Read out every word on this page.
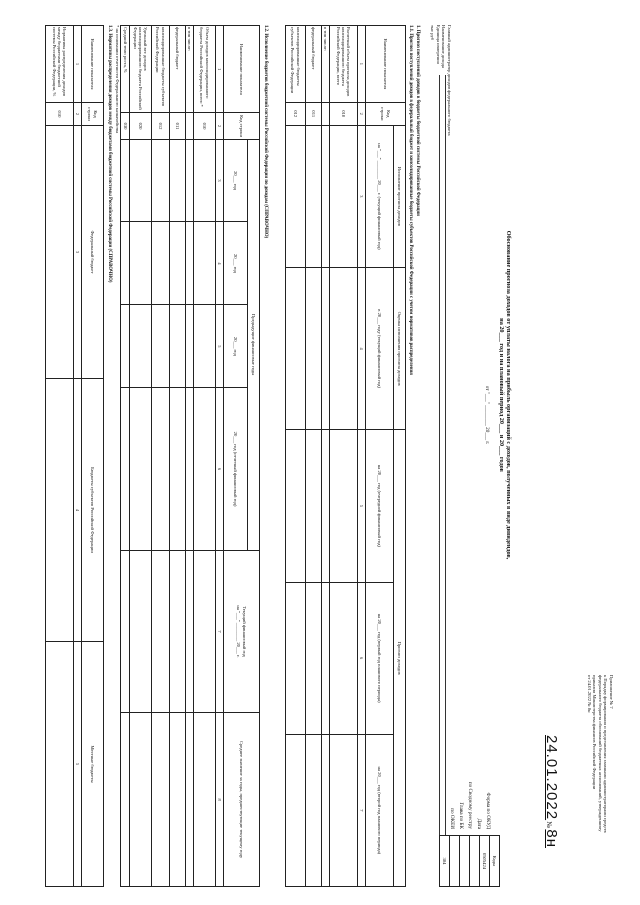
Приложение № 7
к Порядку формирования и представления главными администраторами средств
федерального бюджета обоснований бюджетных ассигнований, утвержденному
приказом Министерства финансов Российской Федерации
от 24.01.2022 № 8н
24.01.2022 № 8н
Обоснование прогноза доходов от уплаты налога на прибыль организаций с доходов, полученных в виде дивидендов,
на 20___ год и на плановый период 20___ и 20___ годов
от "___" ________ 20___ г.
Форма по ОКУД
Дата
по Сводному реестру
Глава по БК
по ОКЕИ
Коды
0505424

384
Главный администратор доходов федерального бюджета
Наименование дохода
Единица измерения
тыс руб
1. Прогноз поступлений доходов в бюджеты бюджетной системы Российской Федерации
1.1. Прогноз поступлений доходов в федеральный бюджет и консолидированные бюджеты субъектов Российской Федерации с учетом нормативов распределения
Наименование показателя	Код строки	Исполнение прогноза доходов	Оценка исполнения прогноза доходов	Прогноз доходов		
		на "___" ________ 20___ г. (текущий финансовый год)	в 20___ году (текущий финансовый год)	на 20___ год (очередной финансовый год)	на 20___ год (первый год планового периода)	на 20___ год (второй год планового периода)

1	2	3	4	5	6	7
Расчетный объем прогноза доходов консолидированного бюджета Российской Федерации, всего	010					
в том числе:						
федеральный бюджет	011					
консолидированные бюджеты субъектов Российской Федерации	012					
1.2. Исполнение бюджетов бюджетной системы Российской Федерации по доходам (СПРАВОЧНО)
Наименование показателя	Код строки	Предыдущие финансовые годы				Текущий финансовый год
на "___" ________ 20___ г.	Среднее значение за годы, предшествующие текущему году
		20___ год	20___ год	20___ год	20___ год (отчетный финансовый год)		
1	2	3	4	5	6	7	8
Объем доходов консолидированного бюджета Российской Федерации, всего *	010						
в том числе:							
федеральный бюджет	011						
консолидированные бюджеты субъектов Российской Федерации	012						
Удельный вес доходов консолидированного бюджета Российской Федерации	020						
Средний темп роста, %	030						
* на основании отчетности Федерального казначейства
1.3. Нормативы распределения доходов между бюджетами бюджетной системы Российской Федерации (СПРАВОЧНО)
Наименование показателя	Код строки	Федеральный бюджет	Бюджеты субъектов Российской Федерации	Местные бюджеты
1	2	3	4	5
Нормативы распределения доходов между бюджетами бюджетной системы Российской Федерации, %	010			
